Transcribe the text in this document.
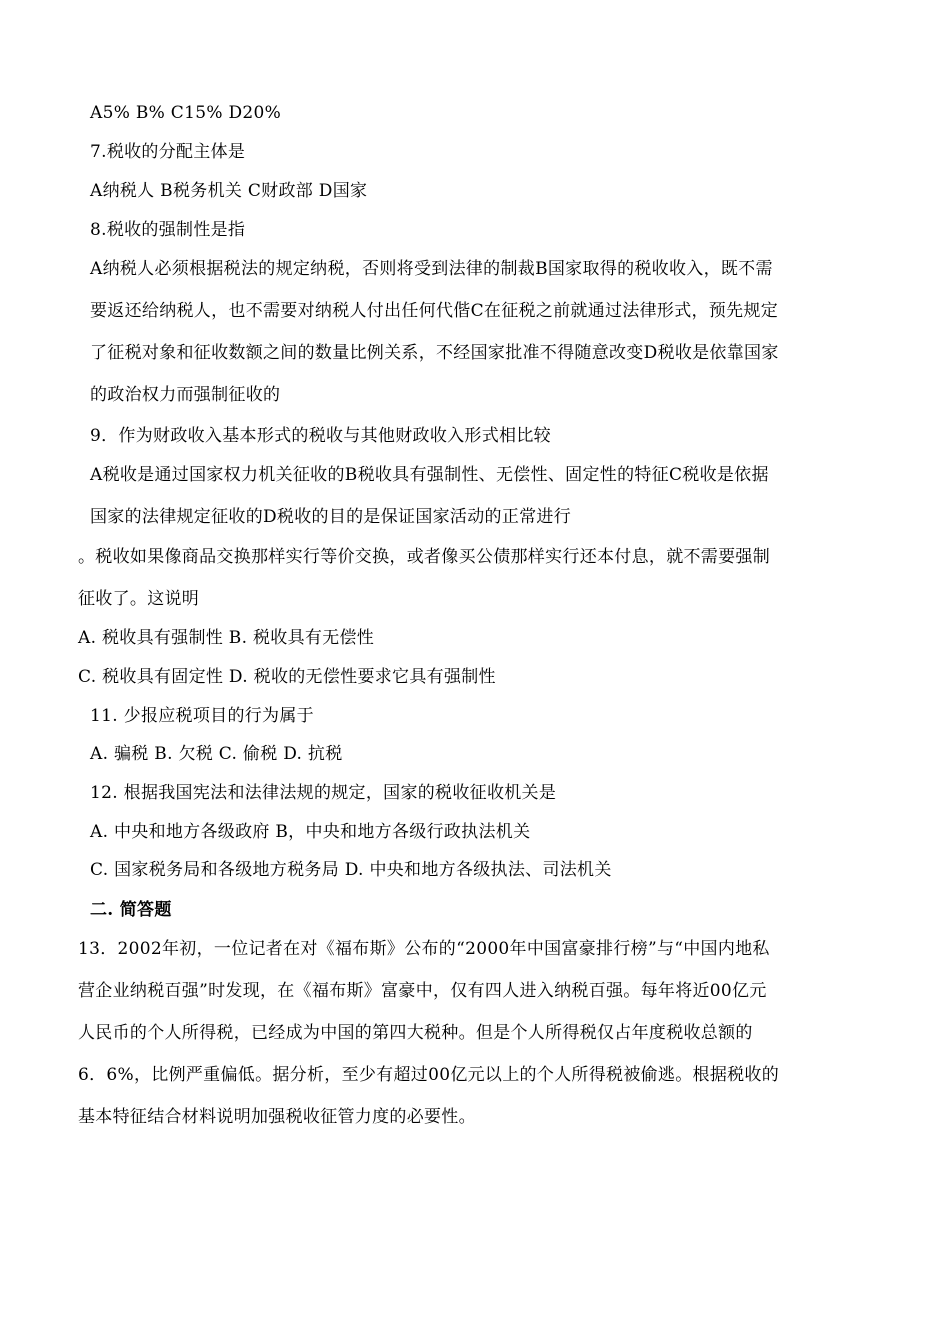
A5% B% C15% D20%
7.税收的分配主体是
A纳税人 B税务机关 C财政部 D国家
8.税收的强制性是指
A纳税人必须根据税法的规定纳税，否则将受到法律的制裁B国家取得的税收收入，既不需
要返还给纳税人，也不需要对纳税人付出任何代偕C在征税之前就通过法律形式，预先规定
了征税对象和征收数额之间的数量比例关系，不经国家批准不得随意改变D税收是依靠国家
的政治权力而强制征收的
9．作为财政收入基本形式的税收与其他财政收入形式相比较
A税收是通过国家权力机关征收的B税收具有强制性、无偿性、固定性的特征C税收是依据
国家的法律规定征收的D税收的目的是保证国家活动的正常进行
。税收如果像商品交换那样实行等价交换，或者像买公债那样实行还本付息，就不需要强制
征收了。这说明
A. 税收具有强制性 B. 税收具有无偿性
C. 税收具有固定性 D. 税收的无偿性要求它具有强制性
11. 少报应税项目的行为属于
A. 骗税 B. 欠税 C. 偷税 D. 抗税
12. 根据我国宪法和法律法规的规定，国家的税收征收机关是
A. 中央和地方各级政府 B，中央和地方各级行政执法机关
C. 国家税务局和各级地方税务局 D. 中央和地方各级执法、司法机关
二. 简答题
13．2002年初，一位记者在对《福布斯》公布的“2000年中国富豪排行榜”与“中国内地私
营企业纳税百强”时发现，在《福布斯》富豪中，仅有四人进入纳税百强。每年将近00亿元
人民币的个人所得税，已经成为中国的第四大税种。但是个人所得税仅占年度税收总额的
6．6%，比例严重偏低。据分析，至少有超过00亿元以上的个人所得税被偷逃。根据税收的
基本特征结合材料说明加强税收征管力度的必要性。
